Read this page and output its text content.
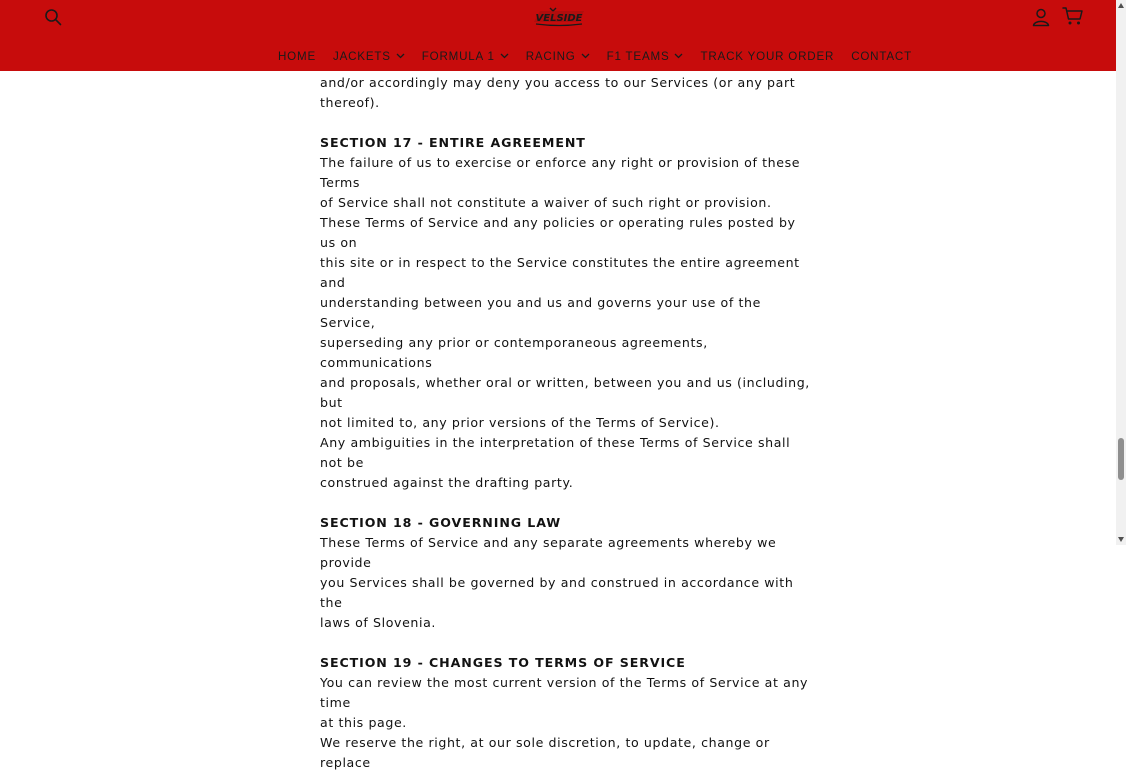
and/or accordingly may deny you access to our Services (or any part

thereof).

SECTION 17 - ENTIRE AGREEMENT

The failure of us to exercise or enforce any right or provision of these Terms

of Service shall not constitute a waiver of such right or provision.

These Terms of Service and any policies or operating rules posted by us on

this site or in respect to the Service constitutes the entire agreement and

understanding between you and us and governs your use of the Service,

superseding any prior or contemporaneous agreements, communications

and proposals, whether oral or written, between you and us (including, but

not limited to, any prior versions of the Terms of Service).

Any ambiguities in the interpretation of these Terms of Service shall not be

construed against the drafting party.

SECTION 18 - GOVERNING LAW

These Terms of Service and any separate agreements whereby we provide

you Services shall be governed by and construed in accordance with the

laws of Slovenia.

SECTION 19 - CHANGES TO TERMS OF SERVICE

You can review the most current version of the Terms of Service at any time

at this page.

We reserve the right, at our sole discretion, to update, change or replace

VELSIDE
HOME JACKETS	FORMULA 1	RACING	F1 TEAMS	TRACK YOUR ORDER CONTACT
